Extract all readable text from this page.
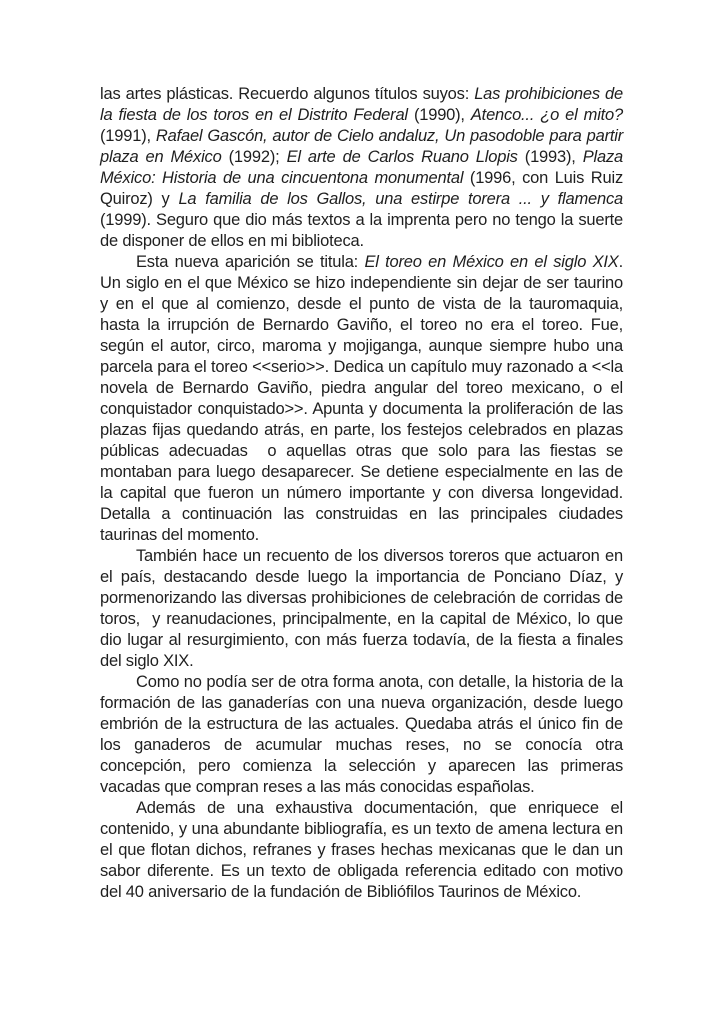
las artes plásticas. Recuerdo algunos títulos suyos: Las prohibiciones de la fiesta de los toros en el Distrito Federal (1990), Atenco... ¿o el mito? (1991), Rafael Gascón, autor de Cielo andaluz, Un pasodoble para partir plaza en México (1992); El arte de Carlos Ruano Llopis (1993), Plaza México: Historia de una cincuentona monumental (1996, con Luis Ruiz Quiroz) y La familia de los Gallos, una estirpe torera ... y flamenca (1999). Seguro que dio más textos a la imprenta pero no tengo la suerte de disponer de ellos en mi biblioteca.

Esta nueva aparición se titula: El toreo en México en el siglo XIX. Un siglo en el que México se hizo independiente sin dejar de ser taurino y en el que al comienzo, desde el punto de vista de la tauromaquia, hasta la irrupción de Bernardo Gaviño, el toreo no era el toreo. Fue, según el autor, circo, maroma y mojiganga, aunque siempre hubo una parcela para el toreo <<serio>>. Dedica un capítulo muy razonado a <<la novela de Bernardo Gaviño, piedra angular del toreo mexicano, o el conquistador conquistado>>. Apunta y documenta la proliferación de las plazas fijas quedando atrás, en parte, los festejos celebrados en plazas públicas adecuadas  o aquellas otras que solo para las fiestas se montaban para luego desaparecer. Se detiene especialmente en las de la capital que fueron un número importante y con diversa longevidad. Detalla a continuación las construidas en las principales ciudades taurinas del momento.

También hace un recuento de los diversos toreros que actuaron en el país, destacando desde luego la importancia de Ponciano Díaz, y pormenorizando las diversas prohibiciones de celebración de corridas de toros,  y reanudaciones, principalmente, en la capital de México, lo que dio lugar al resurgimiento, con más fuerza todavía, de la fiesta a finales del siglo XIX.

Como no podía ser de otra forma anota, con detalle, la historia de la formación de las ganaderías con una nueva organización, desde luego embrión de la estructura de las actuales. Quedaba atrás el único fin de los ganaderos de acumular muchas reses, no se conocía otra concepción, pero comienza la selección y aparecen las primeras vacadas que compran reses a las más conocidas españolas.

Además de una exhaustiva documentación, que enriquece el contenido, y una abundante bibliografía, es un texto de amena lectura en el que flotan dichos, refranes y frases hechas mexicanas que le dan un sabor diferente. Es un texto de obligada referencia editado con motivo del 40 aniversario de la fundación de Bibliófilos Taurinos de México.
